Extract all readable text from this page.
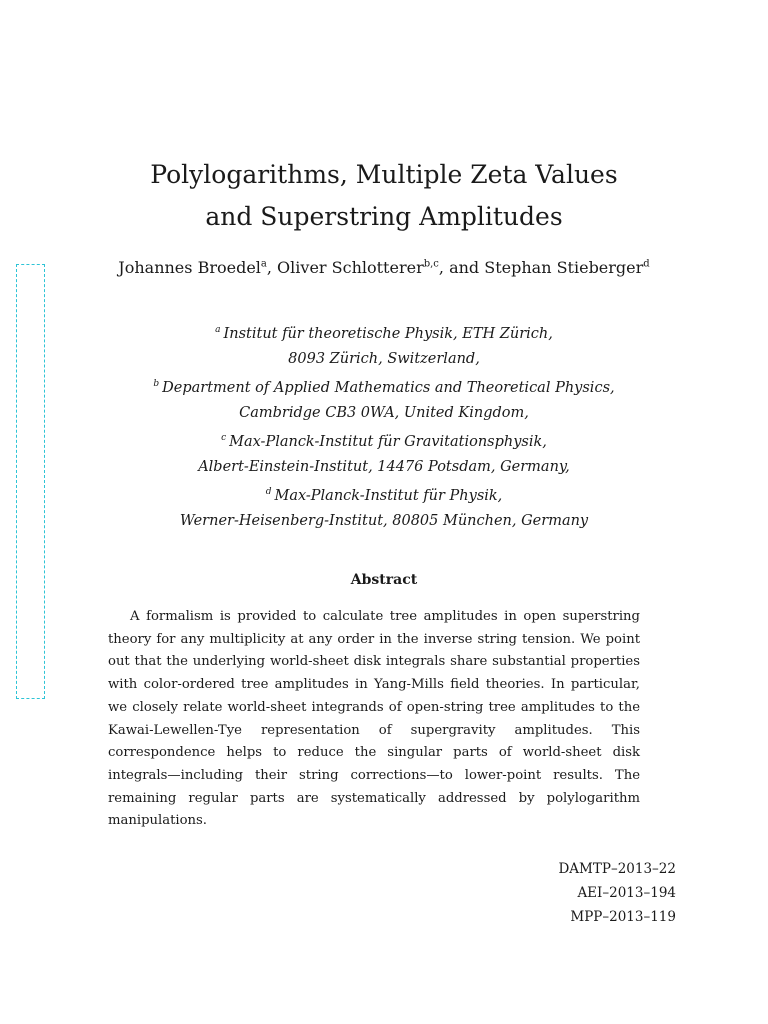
Polylogarithms, Multiple Zeta Values
and Superstring Amplitudes
Johannes Broedel$^a$, Oliver Schlotterer$^{b,c}$, and Stephan Stieberger$^d$
$^a$ Institut für theoretische Physik, ETH Zürich,
8093 Zürich, Switzerland,
$^b$ Department of Applied Mathematics and Theoretical Physics,
Cambridge CB3 0WA, United Kingdom,
$^c$ Max-Planck-Institut für Gravitationsphysik,
Albert-Einstein-Institut, 14476 Potsdam, Germany,
$^d$ Max-Planck-Institut für Physik,
Werner-Heisenberg-Institut, 80805 München, Germany
Abstract
A formalism is provided to calculate tree amplitudes in open superstring theory for any multiplicity at any order in the inverse string tension. We point out that the underlying world-sheet disk integrals share substantial properties with color-ordered tree amplitudes in Yang-Mills field theories. In particular, we closely relate world-sheet integrands of open-string tree amplitudes to the Kawai-Lewellen-Tye representation of supergravity amplitudes. This correspondence helps to reduce the singular parts of world-sheet disk integrals—including their string corrections—to lower-point results. The remaining regular parts are systematically addressed by polylogarithm manipulations.
DAMTP–2013–22
AEI–2013–194
MPP–2013–119
